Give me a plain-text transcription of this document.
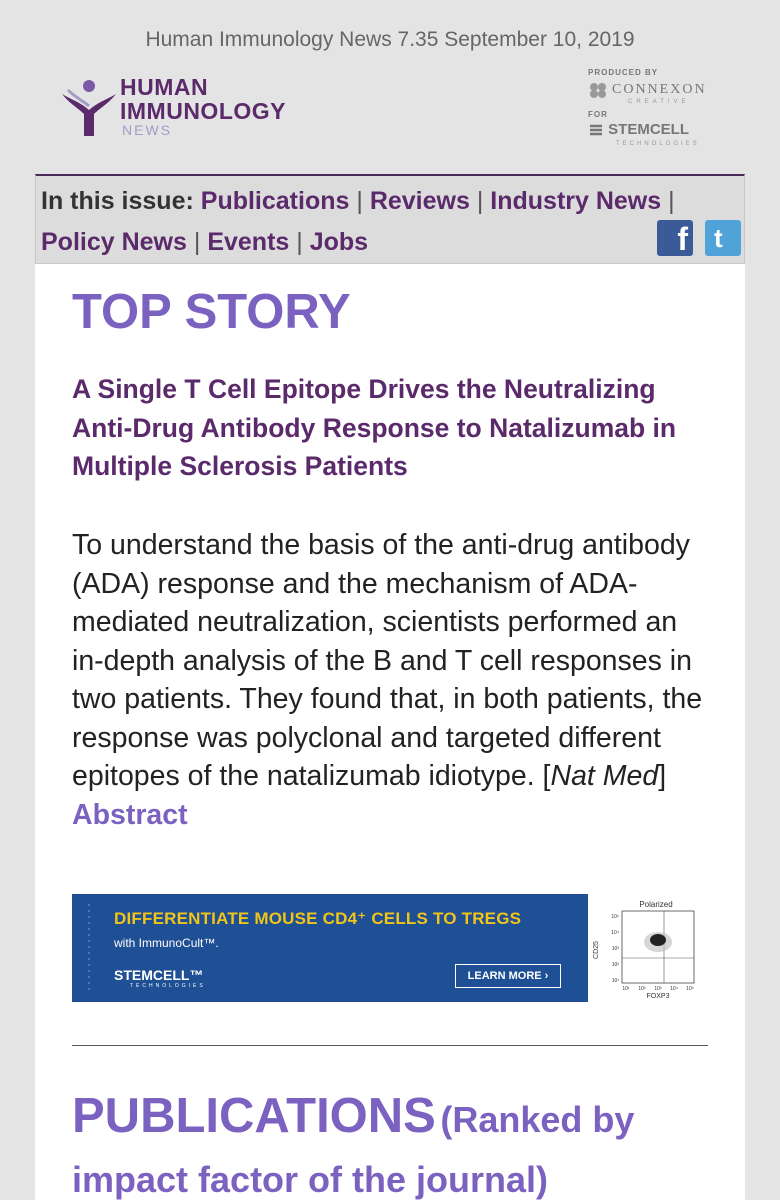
Human Immunology News 7.35 September 10, 2019
HUMAN
IMMUNOLOGY
NEWS
PRODUCED BY
CONNEXON
CREATIVE
FOR
STEMCELL
TECHNOLOGIES
In this issue: Publications | Reviews | Industry News |
Policy News | Events | Jobs	f t
TOP STORY
A Single T Cell Epitope Drives the Neutralizing Anti-Drug Antibody Response to Natalizumab in Multiple Sclerosis Patients
To understand the basis of the anti-drug antibody (ADA) response and the mechanism of ADA-mediated neutralization, scientists performed an in-depth analysis of the B and T cell responses in two patients. They found that, in both patients, the response was polyclonal and targeted different epitopes of the natalizumab idiotype. [Nat Med] Abstract
DIFFERENTIATE MOUSE CD4⁺ CELLS TO TREGS
with ImmunoCult™.
STEMCELL™
TECHNOLOGIES
LEARN MORE ›
Polarized
CD25
FOXP3
10¹
10²
10³
10⁴
10⁵
10¹ 10² 10³ 10⁴ 10⁵
PUBLICATIONS (Ranked by impact factor of the journal)
